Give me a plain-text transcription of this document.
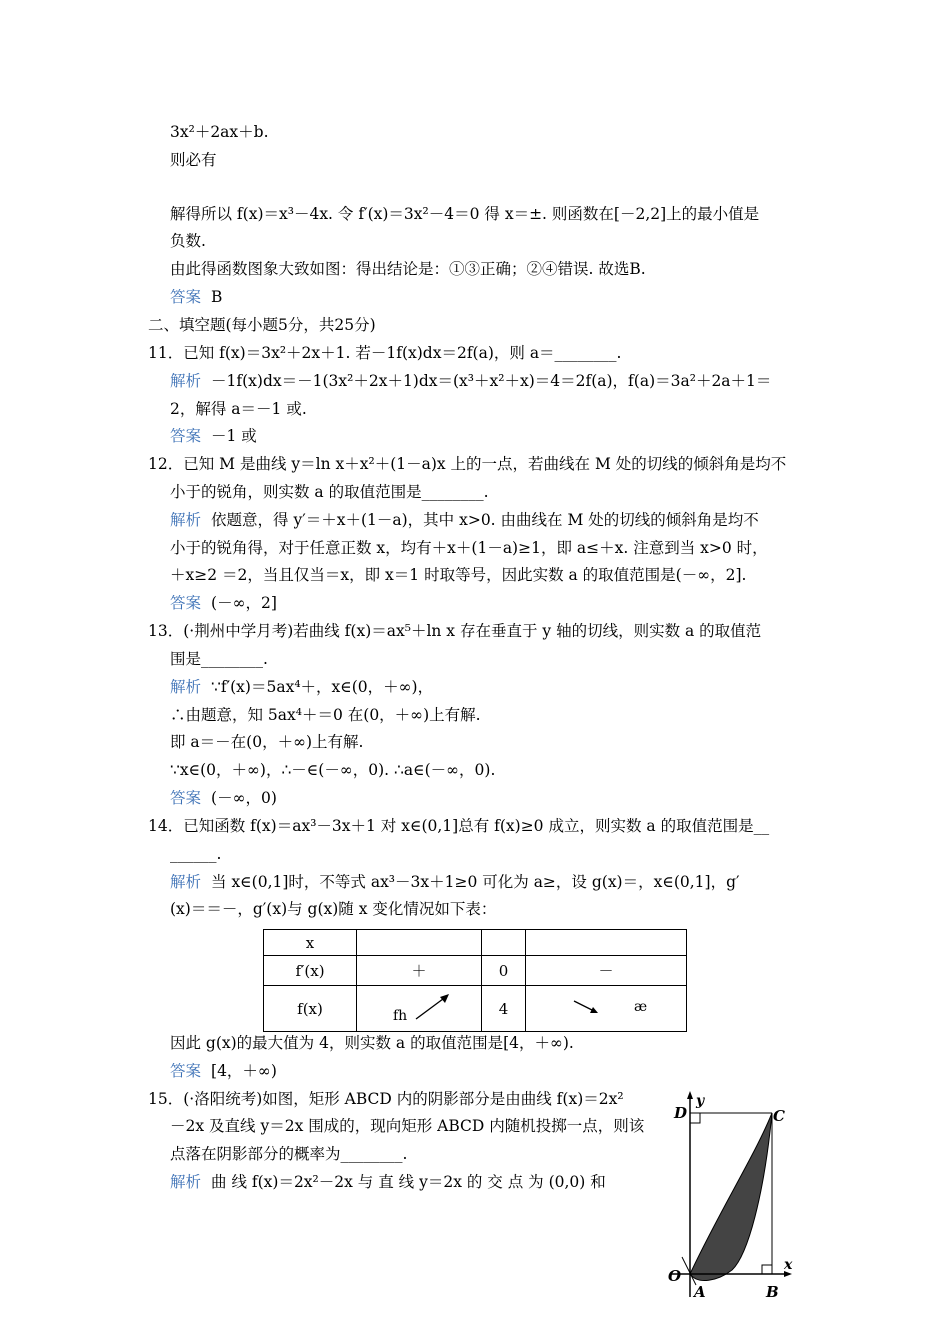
3x²＋2ax＋b.
则必有
解得所以 f(x)＝x³－4x. 令 f′(x)＝3x²－4＝0 得 x＝±. 则函数在[－2,2]上的最小值是
负数.
由此得函数图象大致如图：得出结论是：①③正确；②④错误. 故选B.
答案 B
二、填空题(每小题5分，共25分)
11．已知 f(x)＝3x²＋2x＋1. 若－1f(x)dx＝2f(a)，则 a＝________.
解析 －1f(x)dx＝－1(3x²＋2x＋1)dx＝(x³＋x²＋x)＝4＝2f(a)，f(a)＝3a²＋2a＋1＝
2，解得 a＝－1 或.
答案 －1 或
12．已知 M 是曲线 y＝ln x＋x²＋(1－a)x 上的一点，若曲线在 M 处的切线的倾斜角是均不
小于的锐角，则实数 a 的取值范围是________.
解析 依题意，得 y′＝＋x＋(1－a)，其中 x>0. 由曲线在 M 处的切线的倾斜角是均不
小于的锐角得，对于任意正数 x，均有＋x＋(1－a)≥1，即 a≤＋x. 注意到当 x>0 时，
＋x≥2 ＝2，当且仅当＝x，即 x＝1 时取等号，因此实数 a 的取值范围是(－∞，2].
答案 (－∞，2]
13．(·荆州中学月考)若曲线 f(x)＝ax⁵＋ln x 存在垂直于 y 轴的切线，则实数 a 的取值范
围是________.
解析 ∵f′(x)＝5ax⁴＋，x∈(0，＋∞)，
∴由题意，知 5ax⁴＋＝0 在(0，＋∞)上有解.
即 a＝－在(0，＋∞)上有解.
∵x∈(0，＋∞)，∴－∈(－∞，0). ∴a∈(－∞，0).
答案 (－∞，0)
14．已知函数 f(x)＝ax³－3x＋1 对 x∈(0,1]总有 f(x)≥0 成立，则实数 a 的取值范围是__
______.
解析 当 x∈(0,1]时，不等式 ax³－3x＋1≥0 可化为 a≥，设 g(x)＝，x∈(0,1]，g′
(x)＝＝－，g′(x)与 g(x)随 x 变化情况如下表：
x			
f′(x)	＋	0	－
f(x)	fh	4	æ
因此 g(x)的最大值为 4，则实数 a 的取值范围是[4，＋∞).
答案 [4，＋∞)
15．(·洛阳统考)如图，矩形 ABCD 内的阴影部分是由曲线 f(x)＝2x²
－2x 及直线 y＝2x 围成的，现向矩形 ABCD 内随机投掷一点，则该
点落在阴影部分的概率为________.
解析 曲 线 f(x)＝2x²－2x 与 直 线 y＝2x 的 交 点 为 (0,0) 和
y
x
D	C
O
A	B
